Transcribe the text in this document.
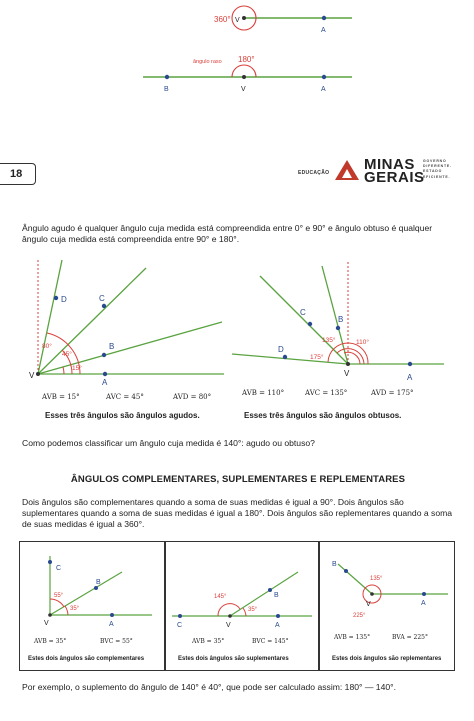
360° V
A
ângulo raso 180°
B	V	A
18	EDUCAÇÃO MINAS
GERAIS
GOVERNO
DIFERENTE.
ESTADO
EFICIENTE.
Ângulo agudo é qualquer ângulo cuja medida está compreendida entre 0° e 90° e ângulo obtuso é qualquer ângulo cuja medida está compreendida entre 90° e 180°.
80°
45°
15°
D	C
B
V
A
AVB = 15°	AVC = 45°	AVD = 80°
Esses três ângulos são ângulos agudos.
110°
135°
175°
C
B
D
V	A
AVB = 110°	AVC = 135°	AVD = 175°
Esses três ângulos são ângulos obtusos.
Como podemos classificar um ângulo cuja medida é 140°: agudo ou obtuso?
ÂNGULOS COMPLEMENTARES, SUPLEMENTARES E REPLEMENTARES
Dois ângulos são complementares quando a soma de suas medidas é igual a 90°. Dois ângulos são suplementares quando a soma de suas medidas é igual a 180°. Dois ângulos são replementares quando a soma de suas medidas é igual a 360°.
55°
35°
C
B
V	A
AVB = 35°	BVC = 55°
Estes dois ângulos são complementares
145°
35°
C
B
V	A
AVB = 35°	BVC = 145°
Estes dois ângulos são suplementares
135°
225°
B
V	A
AVB = 135°	BVA = 225°
Estes dois ângulos são replementares
Por exemplo, o suplemento do ângulo de 140° é 40°, que pode ser calculado assim: 180° — 140°.
